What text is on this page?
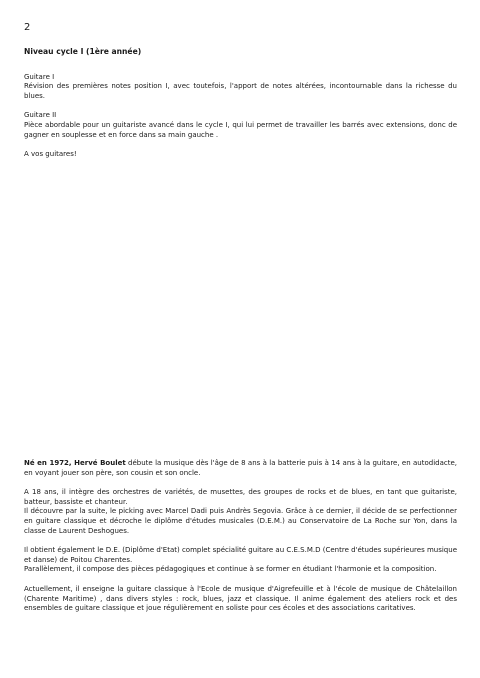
2
Niveau cycle I (1ère année)

Guitare I
Révision des premières notes position I, avec toutefois, l'apport de notes altérées, incontournable dans la richesse du blues.

Guitare II
Pièce abordable pour un guitariste avancé dans le cycle I, qui lui permet de travailler les barrés avec extensions, donc de gagner en souplesse et en force dans sa main gauche .

A vos guitares!

Né en 1972, Hervé Boulet débute la musique dès l'âge de 8 ans à la batterie puis à 14 ans à la guitare, en autodidacte, en voyant jouer son père, son cousin et son oncle.

A 18 ans, il intègre des orchestres de variétés, de musettes, des groupes de rocks et de blues, en tant que guitariste, batteur, bassiste et chanteur.
Il découvre par la suite, le picking avec Marcel Dadi puis Andrès Segovia. Grâce à ce dernier, il décide de se perfectionner en guitare classique et décroche le diplôme d'études musicales (D.E.M.) au Conservatoire de La Roche sur Yon, dans la classe de Laurent Deshogues.

Il obtient également le D.E. (Diplôme d'Etat) complet spécialité guitare au C.E.S.M.D (Centre d'études supérieures musique et danse) de Poitou Charentes.
Parallèlement, il compose des pièces pédagogiques et continue à se former en étudiant l'harmonie et la composition.

Actuellement, il enseigne la guitare classique à l'Ecole de musique d'Aigrefeuille et à l'école de musique de Châtelaillon (Charente Maritime) , dans divers styles : rock, blues, jazz et classique. Il anime également des ateliers rock et des ensembles de guitare classique et joue régulièrement en soliste pour ces écoles et des associations caritatives.
